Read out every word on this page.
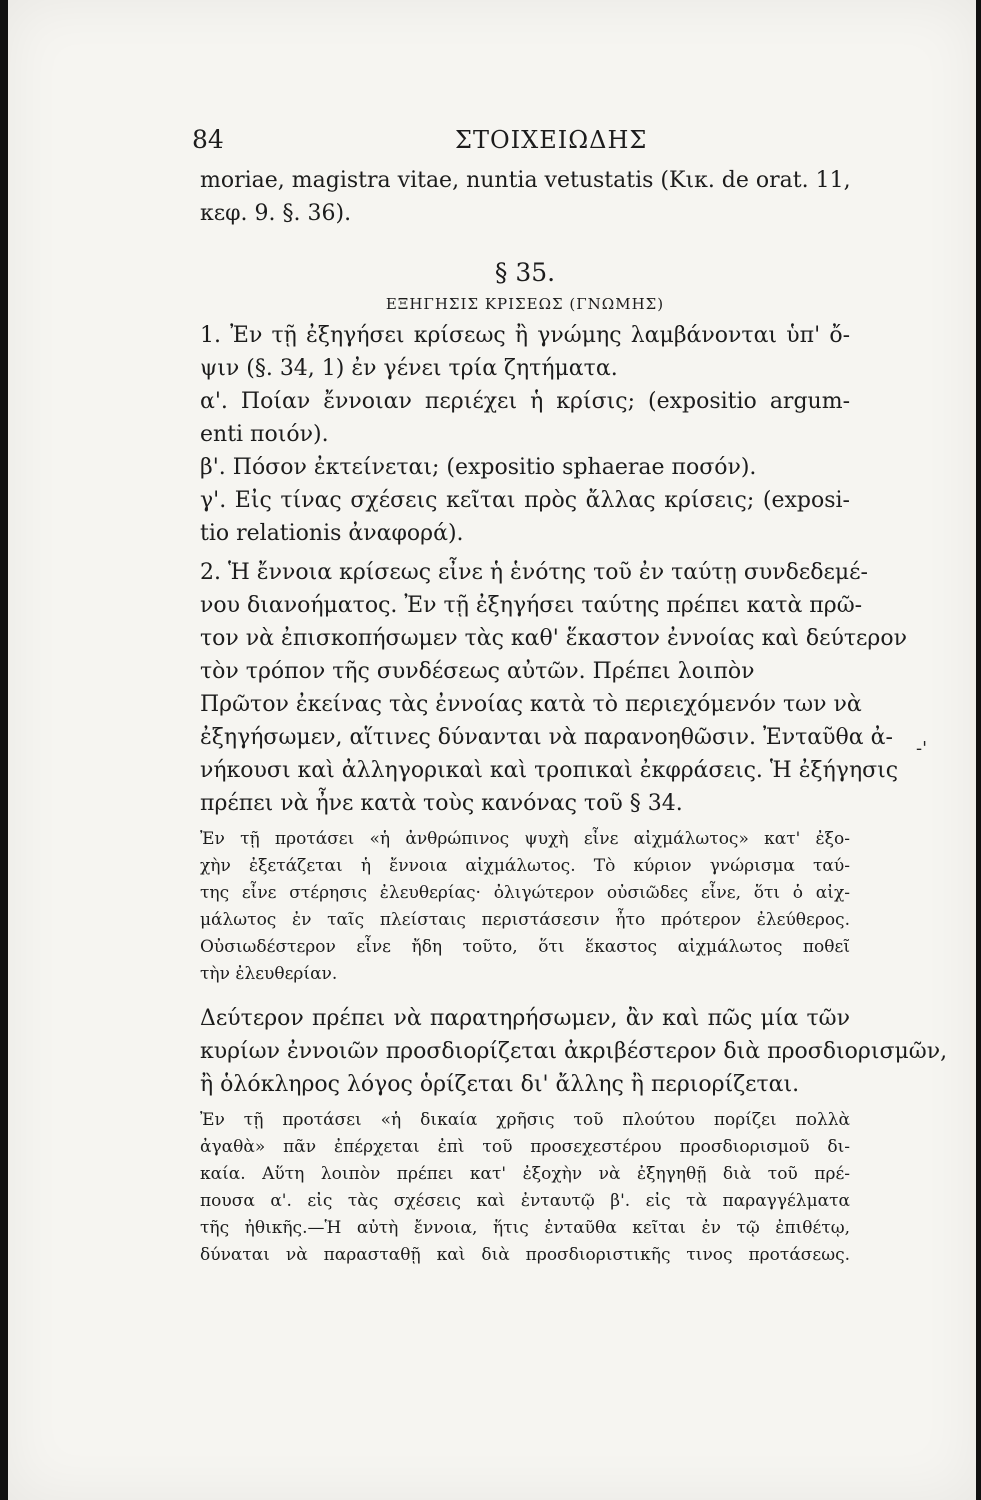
84	ΣΤΟΙΧΕΙΩΔΗΣ
moriae, magistra vitae, nuntia vetustatis (Κικ. de orat. 11,
κεφ. 9. §. 36).
§ 35.
ΕΞΗΓΗΣΙΣ ΚΡΙΣΕΩΣ (ΓΝΩΜΗΣ)
1. Ἐν τῇ ἐξηγήσει κρίσεως ἢ γνώμης λαμβάνονται ὑπ' ὄ-
ψιν (§. 34, 1) ἐν γένει τρία ζητήματα.
α'. Ποίαν ἔννοιαν περιέχει ἡ κρίσις; (expositio argum-
enti ποιόν).
β'. Πόσον ἐκτείνεται; (expositio sphaerae ποσόν).
γ'. Εἰς τίνας σχέσεις κεῖται πρὸς ἄλλας κρίσεις; (exposi-
tio relationis ἀναφορά).
2. Ἡ ἔννοια κρίσεως εἶνε ἡ ἑνότης τοῦ ἐν ταύτῃ συνδεδεμέ-
νου διανοήματος. Ἐν τῇ ἐξηγήσει ταύτης πρέπει κατὰ πρῶ-
τον νὰ ἐπισκοπήσωμεν τὰς καθ' ἕκαστον ἐννοίας καὶ δεύτερον
τὸν τρόπον τῆς συνδέσεως αὐτῶν. Πρέπει λοιπὸν
Πρῶτον ἐκείνας τὰς ἐννοίας κατὰ τὸ περιεχόμενόν των νὰ
ἐξηγήσωμεν, αἵτινες δύνανται νὰ παρανοηθῶσιν. Ἐνταῦθα ἀ-
νήκουσι καὶ ἀλληγορικαὶ καὶ τροπικαὶ ἐκφράσεις. Ἡ ἐξήγησις
πρέπει νὰ ἦνε κατὰ τοὺς κανόνας τοῦ § 34.
Ἐν τῇ προτάσει «ἡ ἀνθρώπινος ψυχὴ εἶνε αἰχμάλωτος» κατ' ἐξο-
χὴν ἐξετάζεται ἡ ἔννοια αἰχμάλωτος. Τὸ κύριον γνώρισμα ταύ-
της εἶνε στέρησις ἐλευθερίας· ὀλιγώτερον οὐσιῶδες εἶνε, ὅτι ὁ αἰχ-
μάλωτος ἐν ταῖς πλείσταις περιστάσεσιν ἦτο πρότερον ἐλεύθερος.
Οὐσιωδέστερον εἶνε ἤδη τοῦτο, ὅτι ἕκαστος αἰχμάλωτος ποθεῖ
τὴν ἐλευθερίαν.
Δεύτερον πρέπει νὰ παρατηρήσωμεν, ἂν καὶ πῶς μία τῶν
κυρίων ἐννοιῶν προσδιορίζεται ἀκριβέστερον διὰ προσδιορισμῶν,
ἢ ὁλόκληρος λόγος ὁρίζεται δι' ἄλλης ἢ περιορίζεται.
Ἐν τῇ προτάσει «ἡ δικαία χρῆσις τοῦ πλούτου πορίζει πολλὰ
ἀγαθὰ» πᾶν ἐπέρχεται ἐπὶ τοῦ προσεχεστέρου προσδιορισμοῦ δι-
καία. Αὕτη λοιπὸν πρέπει κατ' ἐξοχὴν νὰ ἐξηγηθῇ διὰ τοῦ πρέ-
πουσα α'. εἰς τὰς σχέσεις καὶ ἐνταυτῷ β'. εἰς τὰ παραγγέλματα
τῆς ἠθικῆς.—Ἡ αὐτὴ ἔννοια, ἥτις ἐνταῦθα κεῖται ἐν τῷ ἐπιθέτῳ,
δύναται νὰ παρασταθῇ καὶ διὰ προσδιοριστικῆς τινος προτάσεως.
-'
